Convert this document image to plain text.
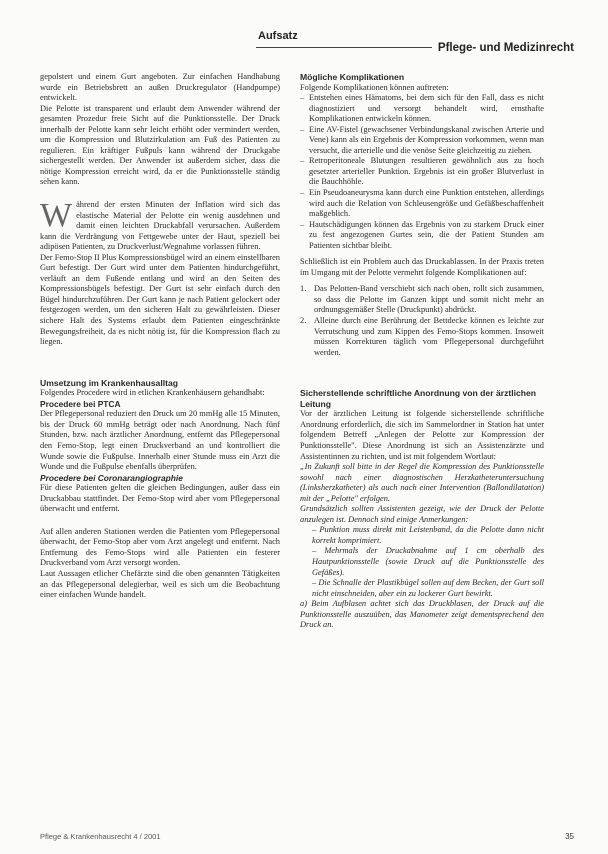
Aufsatz
Pflege- und Medizinrecht

gepolstert und einem Gurt angeboten. Zur einfachen Handhabung wurde ein Betriebsbrett an außen Druckregulator (Handpumpe) entwickelt.

Die Pelotte ist transparent und erlaubt dem Anwender während der gesamten Prozedur freie Sicht auf die Punktionsstelle. Der Druck innerhalb der Pelotte kann sehr leicht erhöht oder vermindert werden, um die Kompression und Blutzirkulation am Fuß des Patienten zu regulieren. Ein kräftiger Fußpuls kann während der Druckgabe sichergestellt werden. Der Anwender ist außerdem sicher, dass die nötige Kompression erreicht wird, da er die Punktionsstelle ständig sehen kann.

Während der ersten Minuten der Inflation wird sich das elastische Material der Pelotte ein wenig ausdehnen und damit einen leichten Druckabfall verursachen. Außerdem kann die Verdrängung von Fettgewebe unter der Haut, speziell bei adipösen Patienten, zu Druckverlust/Wegnahme vorlassen führen.

Der Femo-Stop II Plus Kompressionsbügel wird an einem einstellbaren Gurt befestigt. Der Gurt wird unter dem Patienten hindurchgeführt, verläuft an dem Fußende entlang und wird an den Seiten des Kompressionsbügels befestigt. Der Gurt ist sehr einfach durch den Bügel hindurchzuführen. Der Gurt kann je nach Patient gelockert oder festgezogen werden, um den sicheren Halt zu gewährleisten. Dieser sichere Halt des Systems erlaubt dem Patienten eingeschränkte Bewegungsfreiheit, da es nicht nötig ist, für die Kompression flach zu liegen.

Umsetzung im Krankenhausalltag

Folgendes Procedere wird in etlichen Krankenhäusern gehandhabt:

Procedere bei PTCA

Der Pflegepersonal reduziert den Druck um 20 mmHg alle 15 Minuten, bis der Druck 60 mmHg beträgt oder nach Anordnung. Nach fünf Stunden, bzw. nach ärztlicher Anordnung, entfernt das Pflegepersonal den Femo-Stop, legt einen Druckverband an und kontrolliert die Wunde sowie die Fußpulse. Innerhalb einer Stunde muss ein Arzt die Wunde und die Fußpulse ebenfalls überprüfen.

Procedere bei Coronarangiographie

Für diese Patienten gelten die gleichen Bedingungen, außer dass ein Druckabbau stattfindet. Der Femo-Stop wird aber vom Pflegepersonal überwacht und entfernt.

Auf allen anderen Stationen werden die Patienten vom Pflegepersonal überwacht, der Femo-Stop aber vom Arzt angelegt und entfernt. Nach Entfernung des Femo-Stops wird alle Patienten ein festerer Druckverband vom Arzt versorgt worden.

Laut Aussagen etlicher Chefärzte sind die oben genannten Tätigkeiten an das Pflegepersonal delegierbar, weil es sich um die Beobachtung einer einfachen Wunde handelt.

Mögliche Komplikationen

Folgende Komplikationen können auftreten:

– Entstehen eines Hämatoms, bei dem sich für den Fall, dass es nicht diagnostiziert und versorgt behandelt wird, ernsthafte Komplikationen entwickeln können.
– Eine AV-Fistel (gewachsener Verbindungskanal zwischen Arterie und Vene) kann als ein Ergebnis der Kompression vorkommen, wenn man versucht, die arterielle und die venöse Seite gleichzeitig zu ziehen.
– Retroperitoneale Blutungen resultieren gewöhnlich aus zu hoch gesetzter arterieller Punktion. Ergebnis ist ein großer Blutverlust in die Bauchhöhle.
– Ein Pseudoaneurysma kann durch eine Punktion entstehen, allerdings wird auch die Relation von Schleusengröße und Gefäßbeschaffenheit maßgeblich.
– Hautschädigungen können das Ergebnis von zu starkem Druck einer zu fest angezogenen Gurtes sein, die der Patient Stunden am Patienten sichtbar bleibt.

Schließlich ist ein Problem auch das Druckablassen. In der Praxis treten im Umgang mit der Pelotte vermehrt folgende Komplikationen auf:

1. Das Pelotten-Band verschiebt sich nach oben, rollt sich zusammen, so dass die Pelotte im Ganzen kippt und somit nicht mehr an ordnungsgemäßer Stelle (Druckpunkt) abdrückt.
2. Alleine durch eine Berührung der Bettdecke können es leichte zur Verrutschung und zum Kippen des Femo-Stops kommen. Insoweit müssen Korrekturen täglich vom Pflegepersonal durchgeführt werden.

Sicherstellende schriftliche Anordnung von der ärztlichen Leitung

Vor der ärztlichen Leitung ist folgende sicherstellende schriftliche Anordnung erforderlich, die sich im Sammelordner in Station hat unter folgendem Betreff „Anlegen der Pelotte zur Kompression der Punktionsstelle". Diese Anordnung ist sich an Assistenzärzte und Assistentinnen zu richten, und ist mit folgendem Wortlaut:

„In Zukunft soll bitte in der Regel die Kompression des Punktionsstelle sowohl nach einer diagnostischen Herzkatheteruntersuchung (Linksherzkatheter) als auch nach einer Intervention (Ballondilatation) mit der „Pelotte" erfolgen.

Grundsätzlich sollten Assistenten gezeigt, wie der Druck der Pelotte anzulegen ist. Dennoch sind einige Anmerkungen:

– Punktion muss direkt mit Leistenband, da die Pelotte dann nicht korrekt komprimiert.

– Mehrmals der Druckabnahme auf 1 cm oberhalb des Hautpunktionsstelle (sowie Druck auf die Punktionsstelle des Gefäßes).

– Die Schnalle der Plastikbügel sollen auf dem Becken, der Gurt soll nicht einschneiden, aber ein zu lockerer Gurt bewirkt.

a) Beim Aufblasen achtet sich das Druckblasen, der Druck auf die Punktionsstelle auszuüben, das Manometer zeigt dementsprechend den Druck an.

Pflege & Krankenhausrecht 4 / 2001	35
